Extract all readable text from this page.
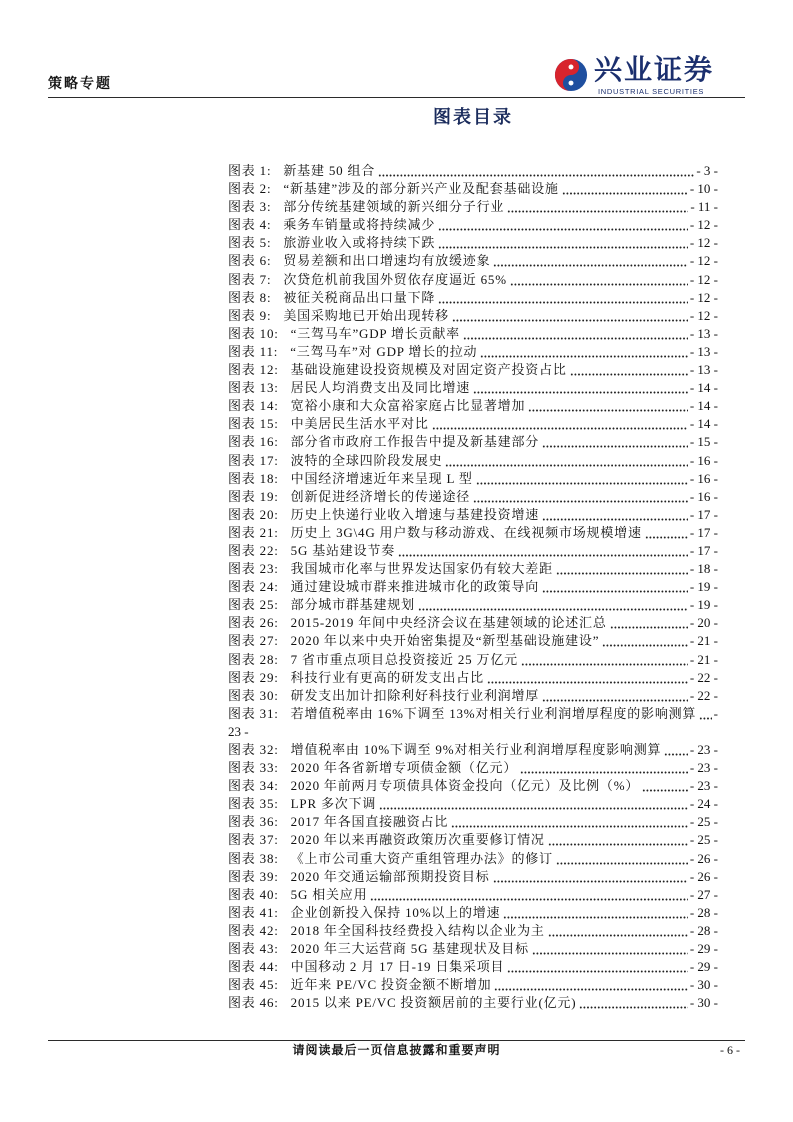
策略专题	兴业证券
INDUSTRIAL SECURITIES
图表目录
图表 1: 新基建 50 组合	- 3 -
图表 2: “新基建”涉及的部分新兴产业及配套基础设施	- 10 -
图表 3: 部分传统基建领域的新兴细分子行业	- 11 -
图表 4: 乘务车销量或将持续减少	- 12 -
图表 5: 旅游业收入或将持续下跌	- 12 -
图表 6: 贸易差额和出口增速均有放缓迹象	- 12 -
图表 7: 次贷危机前我国外贸依存度逼近 65%	- 12 -
图表 8: 被征关税商品出口量下降	- 12 -
图表 9: 美国采购地已开始出现转移	- 12 -
图表 10: “三驾马车”GDP 增长贡献率	- 13 -
图表 11: “三驾马车”对 GDP 增长的拉动	- 13 -
图表 12: 基础设施建设投资规模及对固定资产投资占比	- 13 -
图表 13: 居民人均消费支出及同比增速	- 14 -
图表 14: 宽裕小康和大众富裕家庭占比显著增加	- 14 -
图表 15: 中美居民生活水平对比	- 14 -
图表 16: 部分省市政府工作报告中提及新基建部分	- 15 -
图表 17: 波特的全球四阶段发展史	- 16 -
图表 18: 中国经济增速近年来呈现 L 型	- 16 -
图表 19: 创新促进经济增长的传递途径	- 16 -
图表 20: 历史上快递行业收入增速与基建投资增速	- 17 -
图表 21: 历史上 3G\4G 用户数与移动游戏、在线视频市场规模增速	- 17 -
图表 22: 5G 基站建设节奏	- 17 -
图表 23: 我国城市化率与世界发达国家仍有较大差距	- 18 -
图表 24: 通过建设城市群来推进城市化的政策导向	- 19 -
图表 25: 部分城市群基建规划	- 19 -
图表 26: 2015-2019 年间中央经济会议在基建领域的论述汇总	- 20 -
图表 27: 2020 年以来中央开始密集提及“新型基础设施建设”	- 21 -
图表 28: 7 省市重点项目总投资接近 25 万亿元	- 21 -
图表 29: 科技行业有更高的研发支出占比	- 22 -
图表 30: 研发支出加计扣除利好科技行业利润增厚	- 22 -
图表 31: 若增值税率由 16%下调至 13%对相关行业利润增厚程度的影响测算 -
23 -
图表 32: 增值税率由 10%下调至 9%对相关行业利润增厚程度影响测算 - 23 -
图表 33: 2020 年各省新增专项债金额（亿元）	- 23 -
图表 34: 2020 年前两月专项债具体资金投向（亿元）及比例（%）	- 23 -
图表 35: LPR 多次下调	- 24 -
图表 36: 2017 年各国直接融资占比	- 25 -
图表 37: 2020 年以来再融资政策历次重要修订情况	- 25 -
图表 38: 《上市公司重大资产重组管理办法》的修订	- 26 -
图表 39: 2020 年交通运输部预期投资目标	- 26 -
图表 40: 5G 相关应用	- 27 -
图表 41: 企业创新投入保持 10%以上的增速	- 28 -
图表 42: 2018 年全国科技经费投入结构以企业为主	- 28 -
图表 43: 2020 年三大运营商 5G 基建现状及目标	- 29 -
图表 44: 中国移动 2 月 17 日-19 日集采项目	- 29 -
图表 45: 近年来 PE/VC 投资金额不断增加	- 30 -
图表 46: 2015 以来 PE/VC 投资额居前的主要行业(亿元)	- 30 -
请阅读最后一页信息披露和重要声明	- 6 -
